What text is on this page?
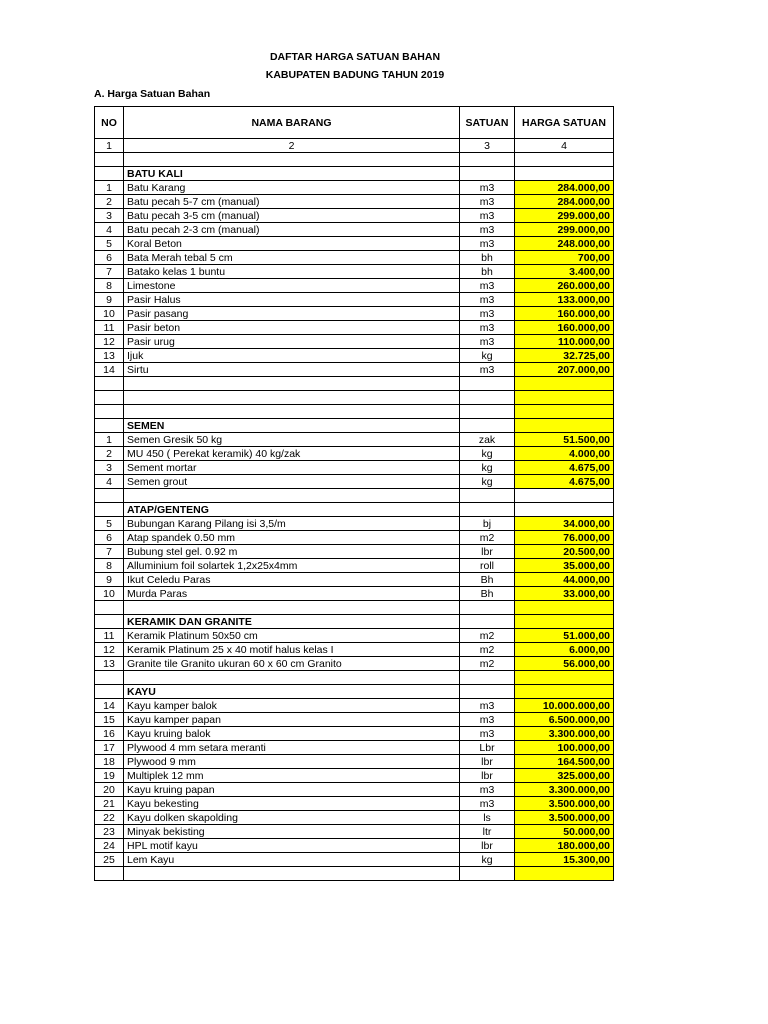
DAFTAR HARGA SATUAN BAHAN
KABUPATEN BADUNG TAHUN 2019
A. Harga Satuan Bahan
NO	NAMA BARANG	SATUAN	HARGA SATUAN
1	2	3	4

	BATU KALI		
1	Batu Karang	m3	284.000,00
2	Batu pecah 5-7 cm (manual)	m3	284.000,00
3	Batu pecah 3-5 cm (manual)	m3	299.000,00
4	Batu pecah 2-3 cm (manual)	m3	299.000,00
5	Koral Beton	m3	248.000,00
6	Bata Merah tebal 5 cm	bh	700,00
7	Batako kelas 1 buntu	bh	3.400,00
8	Limestone	m3	260.000,00
9	Pasir Halus	m3	133.000,00
10	Pasir pasang	m3	160.000,00
11	Pasir beton	m3	160.000,00
12	Pasir urug	m3	110.000,00
13	Ijuk	kg	32.725,00
14	Sirtu	m3	207.000,00

	SEMEN		
1	Semen Gresik 50 kg	zak	51.500,00
2	MU 450 ( Perekat keramik) 40 kg/zak	kg	4.000,00
3	Sement mortar	kg	4.675,00
4	Semen grout	kg	4.675,00

	ATAP/GENTENG		
5	Bubungan Karang Pilang isi 3,5/m	bj	34.000,00
6	Atap spandek 0.50 mm	m2	76.000,00
7	Bubung stel gel. 0.92 m	lbr	20.500,00
8	Alluminium foil solartek 1,2x25x4mm	roll	35.000,00
9	Ikut Celedu Paras	Bh	44.000,00
10	Murda Paras	Bh	33.000,00

	KERAMIK DAN GRANITE		
11	Keramik Platinum 50x50 cm	m2	51.000,00
12	Keramik Platinum 25 x 40 motif halus kelas I	m2	6.000,00
13	Granite tile Granito ukuran 60 x 60 cm Granito	m2	56.000,00

	KAYU		
14	Kayu kamper balok	m3	10.000.000,00
15	Kayu kamper papan	m3	6.500.000,00
16	Kayu kruing balok	m3	3.300.000,00
17	Plywood 4 mm setara meranti	Lbr	100.000,00
18	Plywood 9 mm	lbr	164.500,00
19	Multiplek 12 mm	lbr	325.000,00
20	Kayu kruing papan	m3	3.300.000,00
21	Kayu bekesting	m3	3.500.000,00
22	Kayu dolken skapolding	ls	3.500.000,00
23	Minyak bekisting	ltr	50.000,00
24	HPL motif kayu	lbr	180.000,00
25	Lem Kayu	kg	15.300,00
